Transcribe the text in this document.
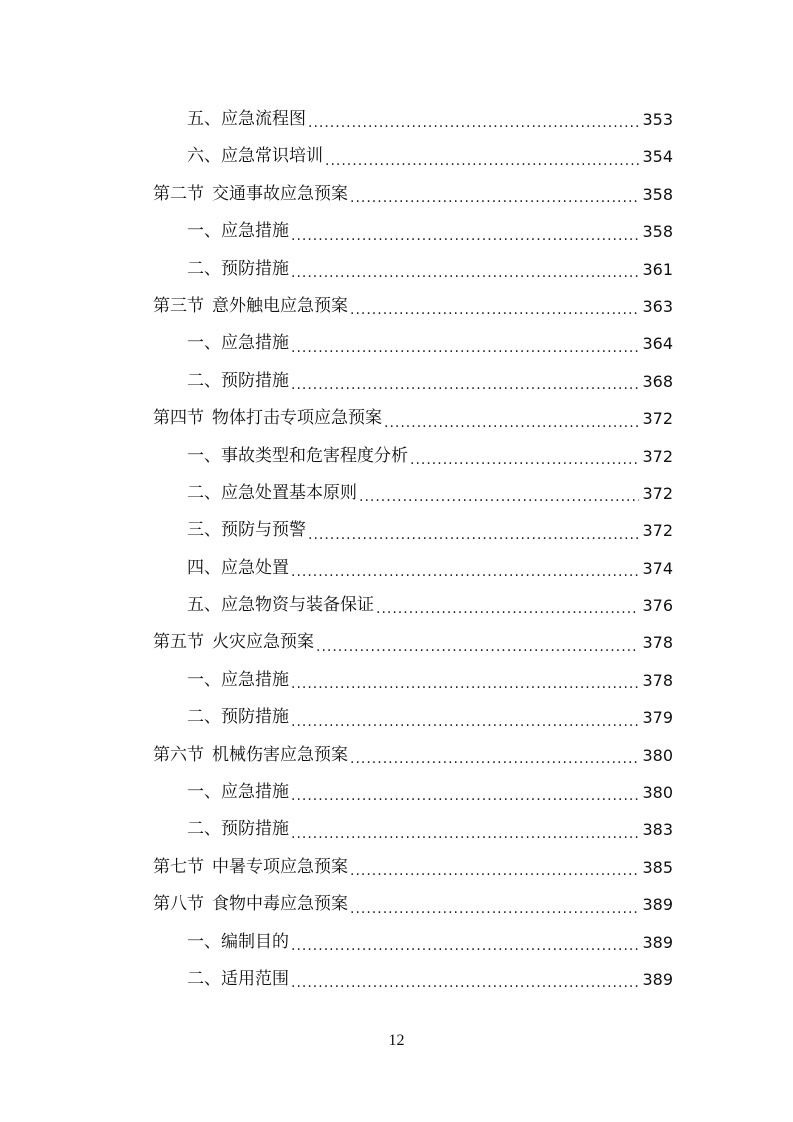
五、 应急流程图 .....	353
六、 应急常识培训 .....	354
第二节 交通事故应急预案 .....	358
一、 应急措施 .....	358
二、 预防措施 .....	361
第三节 意外触电应急预案 .....	363
一、 应急措施 .....	364
二、 预防措施 .....	368
第四节 物体打击专项应急预案 .....	372
一、 事故类型和危害程度分析 .....	372
二、 应急处置基本原则 .....	372
三、 预防与预警 .....	372
四、 应急处置 .....	374
五、 应急物资与装备保证 .....	376
第五节 火灾应急预案 .....	378
一、 应急措施 .....	378
二、 预防措施 .....	379
第六节 机械伤害应急预案 .....	380
一、 应急措施 .....	380
二、 预防措施 .....	383
第七节 中暑专项应急预案 .....	385
第八节 食物中毒应急预案 .....	389
一、 编制目的 .....	389
二、 适用范围 .....	389
12
